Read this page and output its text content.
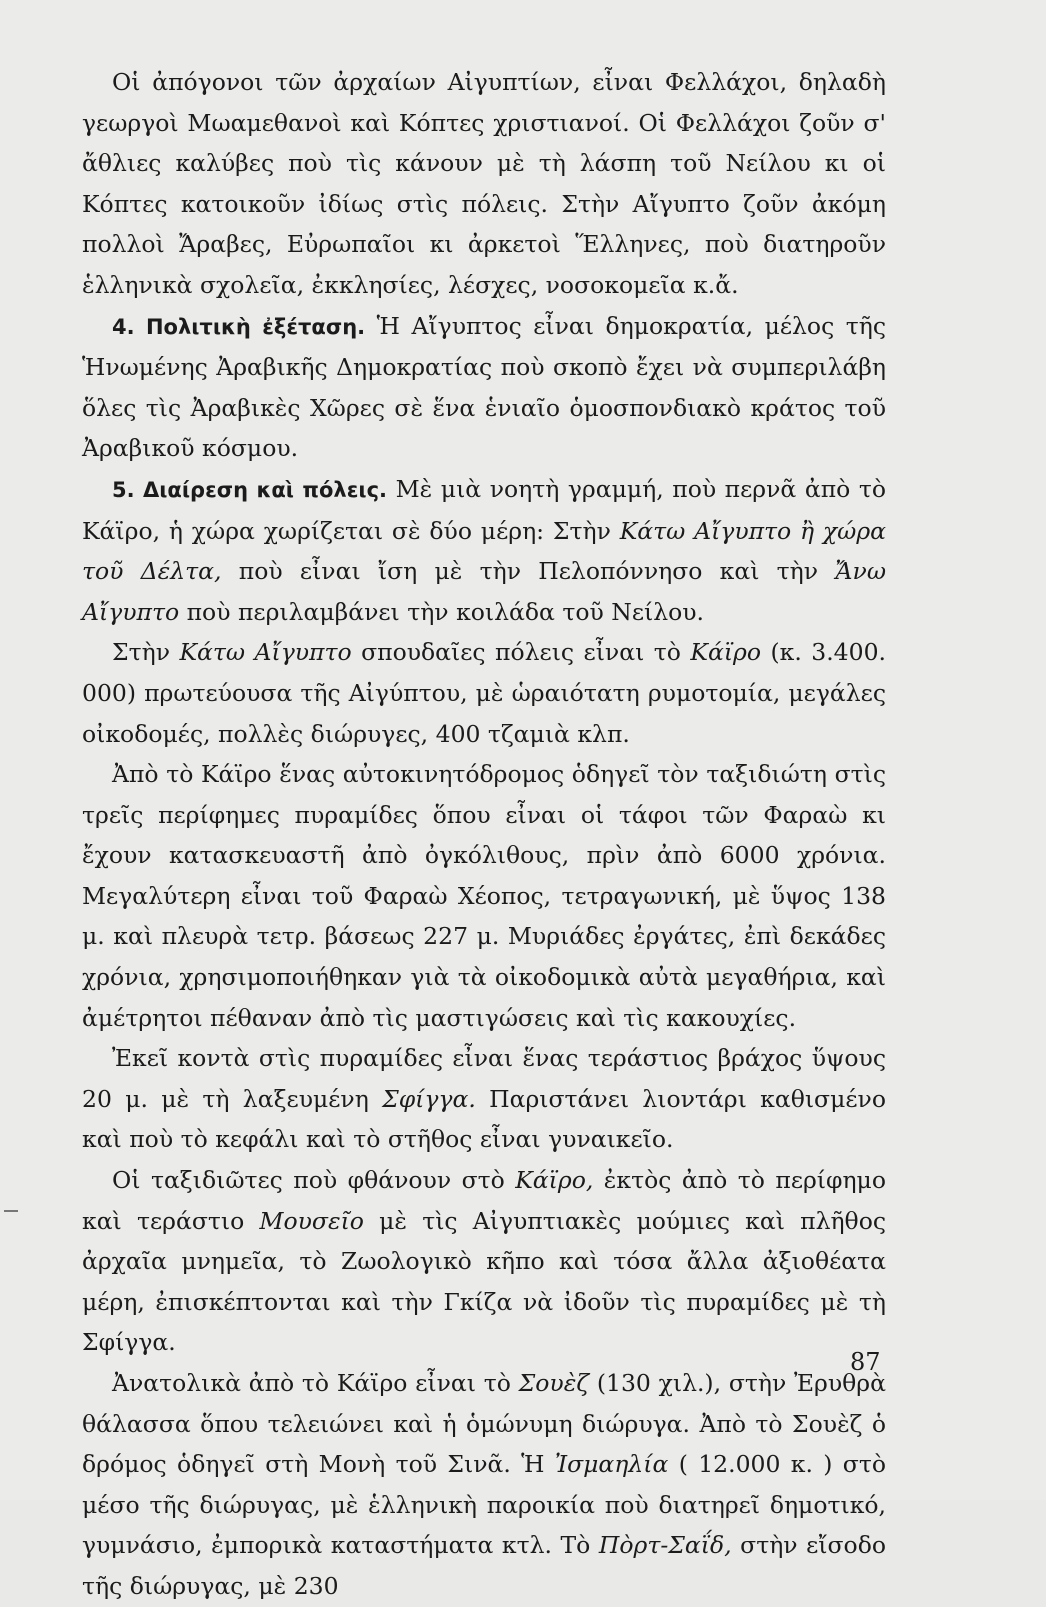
Οἱ ἀπόγονοι τῶν ἀρχαίων Αἰγυπτίων, εἶναι Φελλάχοι, δηλαδὴ γεωργοὶ Μωαμεθανοὶ καὶ Κόπτες χριστιανοί. Οἱ Φελλάχοι ζοῦν σ' ἄθλιες καλύβες ποὺ τὶς κάνουν μὲ τὴ λάσπη τοῦ Νείλου κι οἱ Κόπτες κατοικοῦν ἰδίως στὶς πόλεις. Στὴν Αἴγυπτο ζοῦν ἀκόμη πολλοὶ Ἄραβες, Εὐρωπαῖοι κι ἀρκετοὶ Ἕλληνες, ποὺ διατηροῦν ἑλληνικὰ σχολεῖα, ἐκκλησίες, λέσχες, νοσοκομεῖα κ.ἄ.

4. Πολιτικὴ ἐξέταση. Ἡ Αἴγυπτος εἶναι δημοκρατία, μέλος τῆς Ἡνωμένης Ἀραβικῆς Δημοκρατίας ποὺ σκοπὸ ἔχει νὰ συμπεριλάβη ὅλες τὶς Ἀραβικὲς Χῶρες σὲ ἕνα ἑνιαῖο ὁμοσπονδιακὸ κράτος τοῦ Ἀραβικοῦ κόσμου.

5. Διαίρεση καὶ πόλεις. Μὲ μιὰ νοητὴ γραμμή, ποὺ περνᾶ ἀπὸ τὸ Κάϊρο, ἡ χώρα χωρίζεται σὲ δύο μέρη: Στὴν Κάτω Αἴγυπτο ἢ χώρα τοῦ Δέλτα, ποὺ εἶναι ἴση μὲ τὴν Πελοπόννησο καὶ τὴν Ἄνω Αἴγυπτο ποὺ περιλαμβάνει τὴν κοιλάδα τοῦ Νείλου.

Στὴν Κάτω Αἴγυπτο σπουδαῖες πόλεις εἶναι τὸ Κάϊρο (κ. 3.400. 000) πρωτεύουσα τῆς Αἰγύπτου, μὲ ὡραιότατη ρυμοτομία, μεγάλες οἰκοδομές, πολλὲς διώρυγες, 400 τζαμιὰ κλπ.

Ἀπὸ τὸ Κάϊρο ἕνας αὐτοκινητόδρομος ὁδηγεῖ τὸν ταξιδιώτη στὶς τρεῖς περίφημες πυραμίδες ὅπου εἶναι οἱ τάφοι τῶν Φαραὼ κι ἔχουν κατασκευαστῆ ἀπὸ ὀγκόλιθους, πρὶν ἀπὸ 6000 χρόνια. Μεγαλύτερη εἶναι τοῦ Φαραὼ Χέοπος, τετραγωνική, μὲ ὕψος 138 μ. καὶ πλευρὰ τετρ. βάσεως 227 μ. Μυριάδες ἐργάτες, ἐπὶ δεκάδες χρόνια, χρησιμοποιήθηκαν γιὰ τὰ οἰκοδομικὰ αὐτὰ μεγαθήρια, καὶ ἀμέτρητοι πέθαναν ἀπὸ τὶς μαστιγώσεις καὶ τὶς κακουχίες.

Ἐκεῖ κοντὰ στὶς πυραμίδες εἶναι ἕνας τεράστιος βράχος ὕψους 20 μ. μὲ τὴ λαξευμένη Σφίγγα. Παριστάνει λιοντάρι καθισμένο καὶ ποὺ τὸ κεφάλι καὶ τὸ στῆθος εἶναι γυναικεῖο.

Οἱ ταξιδιῶτες ποὺ φθάνουν στὸ Κάϊρο, ἐκτὸς ἀπὸ τὸ περίφημο καὶ τεράστιο Μουσεῖο μὲ τὶς Αἰγυπτιακὲς μούμιες καὶ πλῆθος ἀρχαῖα μνημεῖα, τὸ Ζωολογικὸ κῆπο καὶ τόσα ἄλλα ἀξιοθέατα μέρη, ἐπισκέπτονται καὶ τὴν Γκίζα νὰ ἰδοῦν τὶς πυραμίδες μὲ τὴ Σφίγγα.

Ἀνατολικὰ ἀπὸ τὸ Κάϊρο εἶναι τὸ Σουὲζ (130 χιλ.), στὴν Ἐρυθρὰ θάλασσα ὅπου τελειώνει καὶ ἡ ὁμώνυμη διώρυγα. Ἀπὸ τὸ Σουὲζ ὁ δρόμος ὁδηγεῖ στὴ Μονὴ τοῦ Σινᾶ. Ἡ Ἰσμαηλία ( 12.000 κ. ) στὸ μέσο τῆς διώρυγας, μὲ ἑλληνικὴ παροικία ποὺ διατηρεῖ δημοτικό, γυμνάσιο, ἐμπορικὰ καταστήματα κτλ. Τὸ Πὸρτ-Σαΐδ, στὴν εἴσοδο τῆς διώρυγας, μὲ 230

87
